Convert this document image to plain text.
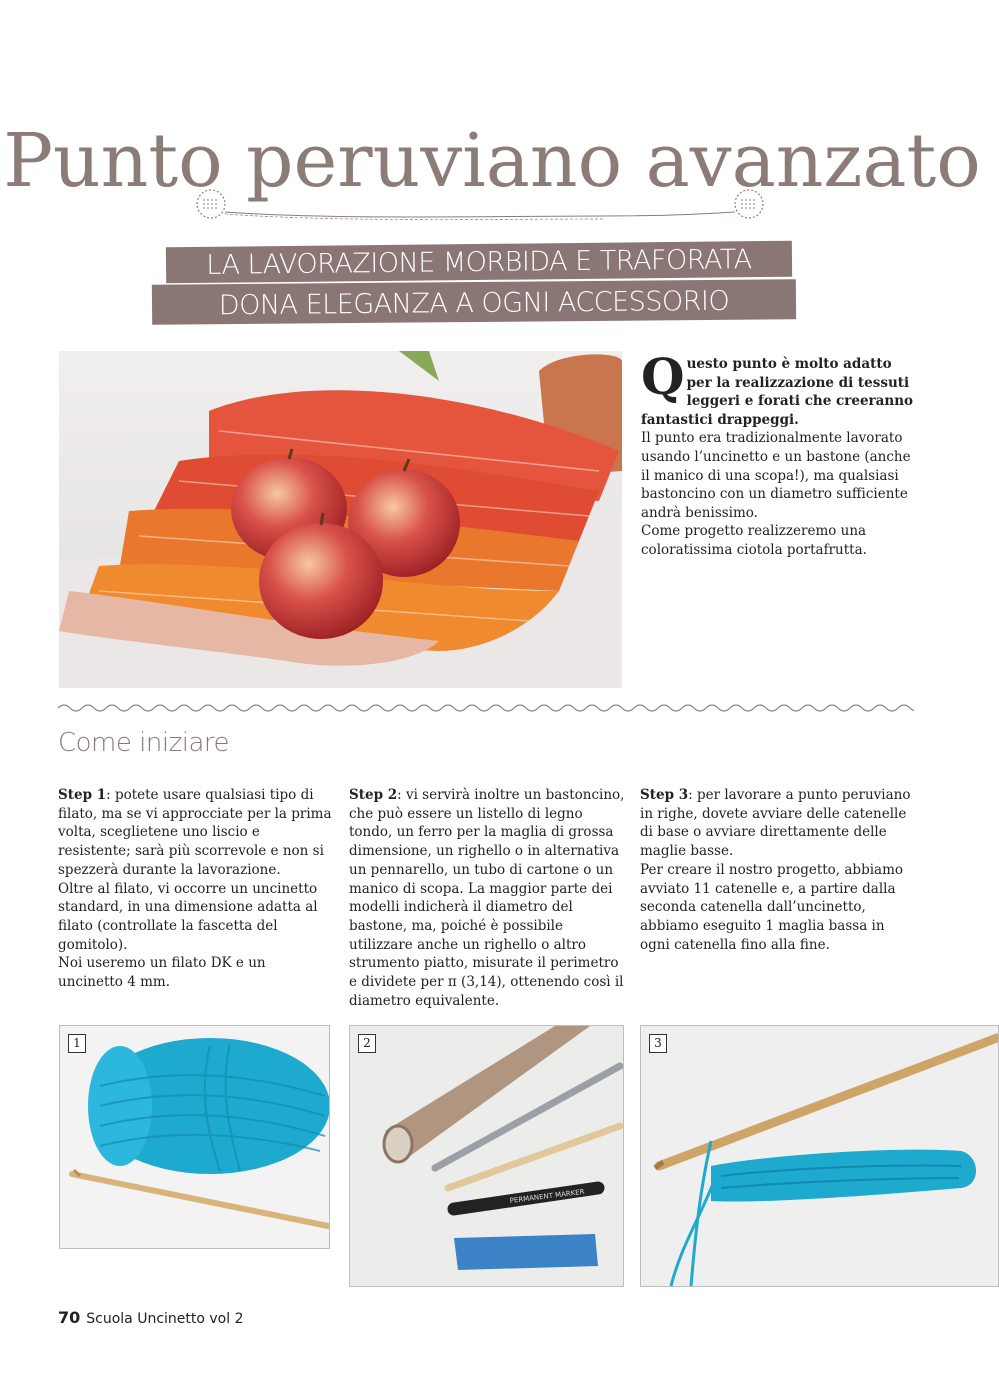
Punto peruviano avanzato
LA LAVORAZIONE MORBIDA E TRAFORATA
DONA ELEGANZA A OGNI ACCESSORIO
Questo punto è molto adatto per la realizzazione di tessuti leggeri e forati che creeranno fantastici drappeggi.
Il punto era tradizionalmente lavorato usando l’uncinetto e un bastone (anche il manico di una scopa!), ma qualsiasi bastoncino con un diametro sufficiente andrà benissimo.
Come progetto realizzeremo una coloratissima ciotola portafrutta.
Come iniziare

Step 1: potete usare qualsiasi tipo di filato, ma se vi approcciate per la prima volta, sceglietene uno liscio e resistente; sarà più scorrevole e non si spezzerà durante la lavorazione.

Oltre al filato, vi occorre un uncinetto standard, in una dimensione adatta al filato (controllate la fascetta del gomitolo).

Noi useremo un filato DK e un uncinetto 4 mm.

Step 2: vi servirà inoltre un bastoncino, che può essere un listello di legno tondo, un ferro per la maglia di grossa dimensione, un righello o in alternativa un pennarello, un tubo di cartone o un manico di scopa. La maggior parte dei modelli indicherà il diametro del bastone, ma, poiché è possibile utilizzare anche un righello o altro strumento piatto, misurate il perimetro e dividete per π (3,14), ottenendo così il diametro equivalente.

Step 3: per lavorare a punto peruviano in righe, dovete avviare delle catenelle di base o avviare direttamente delle maglie basse.

Per creare il nostro progetto, abbiamo avviato 11 catenelle e, a partire dalla seconda catenella dall’uncinetto, abbiamo eseguito 1 maglia bassa in ogni catenella fino alla fine.

1	2
PERMANENT MARKER
3
70 Scuola Uncinetto vol 2
